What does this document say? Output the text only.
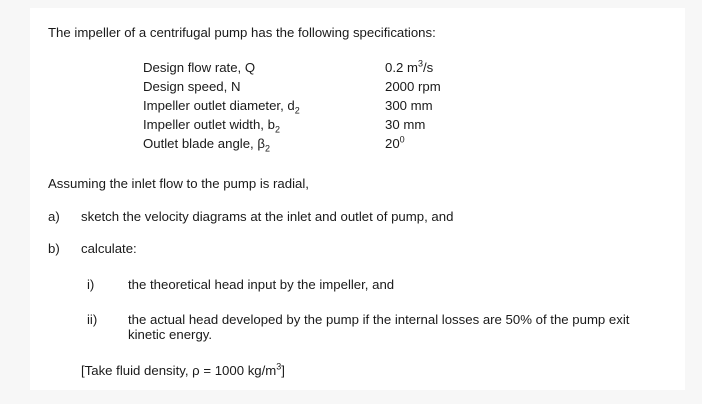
The impeller of a centrifugal pump has the following specifications:
Design flow rate, Q	0.2 $m^3/s$
Design speed, N	2000 rpm
Impeller outlet diameter, $d_2$	300 mm
Impeller outlet width, $b_2$	30 mm
Outlet blade angle, $\beta_2$	$20^0$
Assuming the inlet flow to the pump is radial,
a) sketch the velocity diagrams at the inlet and outlet of pump, and
b) calculate:
i)	the theoretical head input by the impeller, and
ii) the actual head developed by the pump if the internal losses are 50% of the pump exit kinetic energy.
[Take fluid density, ρ = 1000 $kg/m^3$]
